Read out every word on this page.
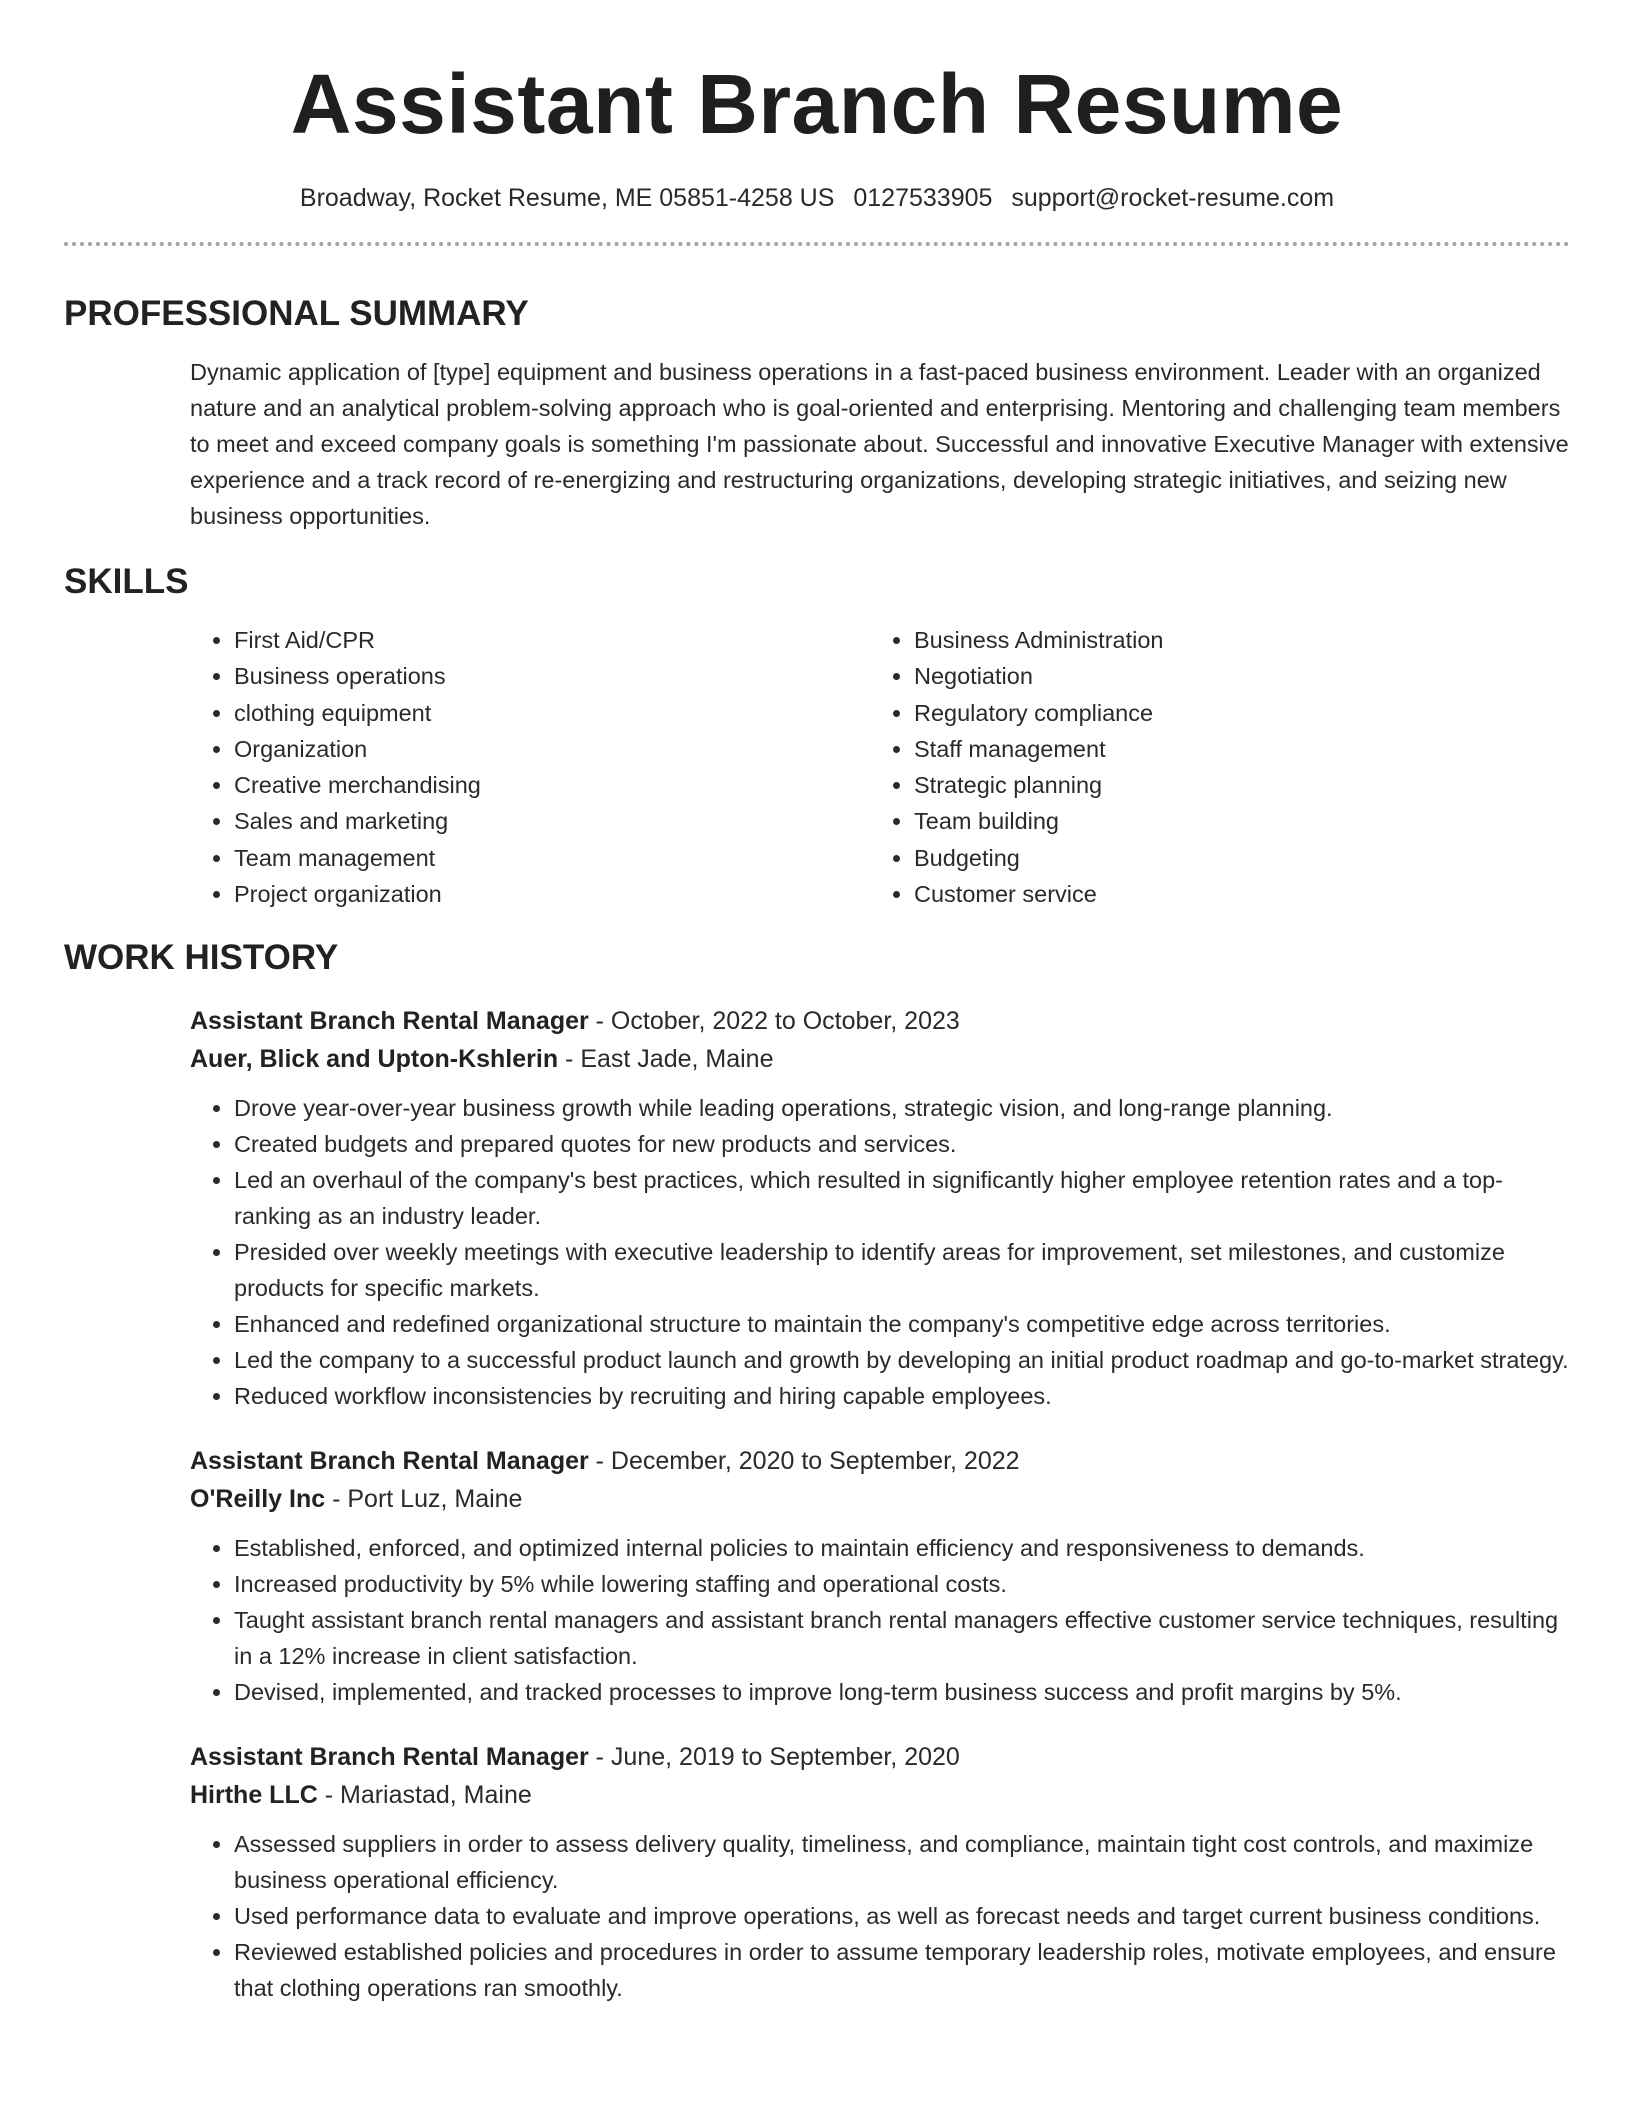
Assistant Branch Resume
Broadway, Rocket Resume, ME 05851-4258 US 0127533905 support@rocket-resume.com
PROFESSIONAL SUMMARY

Dynamic application of [type] equipment and business operations in a fast-paced business environment. Leader with an organized nature and an analytical problem-solving approach who is goal-oriented and enterprising. Mentoring and challenging team members to meet and exceed company goals is something I'm passionate about. Successful and innovative Executive Manager with extensive experience and a track record of re-energizing and restructuring organizations, developing strategic initiatives, and seizing new business opportunities.

SKILLS
• First Aid/CPR
• Business operations
• clothing equipment
• Organization
• Creative merchandising
• Sales and marketing
• Team management
• Project organization
• Business Administration
• Negotiation
• Regulatory compliance
• Staff management
• Strategic planning
• Team building
• Budgeting
• Customer service
WORK HISTORY
Assistant Branch Rental Manager - October, 2022 to October, 2023
Auer, Blick and Upton-Kshlerin - East Jade, Maine
• Drove year-over-year business growth while leading operations, strategic vision, and long-range planning.
• Created budgets and prepared quotes for new products and services.
• Led an overhaul of the company's best practices, which resulted in significantly higher employee retention rates and a top-ranking as an industry leader.
• Presided over weekly meetings with executive leadership to identify areas for improvement, set milestones, and customize products for specific markets.
• Enhanced and redefined organizational structure to maintain the company's competitive edge across territories.
• Led the company to a successful product launch and growth by developing an initial product roadmap and go-to-market strategy.
• Reduced workflow inconsistencies by recruiting and hiring capable employees.
Assistant Branch Rental Manager - December, 2020 to September, 2022
O'Reilly Inc - Port Luz, Maine
• Established, enforced, and optimized internal policies to maintain efficiency and responsiveness to demands.
• Increased productivity by 5% while lowering staffing and operational costs.
• Taught assistant branch rental managers and assistant branch rental managers effective customer service techniques, resulting in a 12% increase in client satisfaction.
• Devised, implemented, and tracked processes to improve long-term business success and profit margins by 5%.
Assistant Branch Rental Manager - June, 2019 to September, 2020
Hirthe LLC - Mariastad, Maine
• Assessed suppliers in order to assess delivery quality, timeliness, and compliance, maintain tight cost controls, and maximize business operational efficiency.
• Used performance data to evaluate and improve operations, as well as forecast needs and target current business conditions.
• Reviewed established policies and procedures in order to assume temporary leadership roles, motivate employees, and ensure that clothing operations ran smoothly.
